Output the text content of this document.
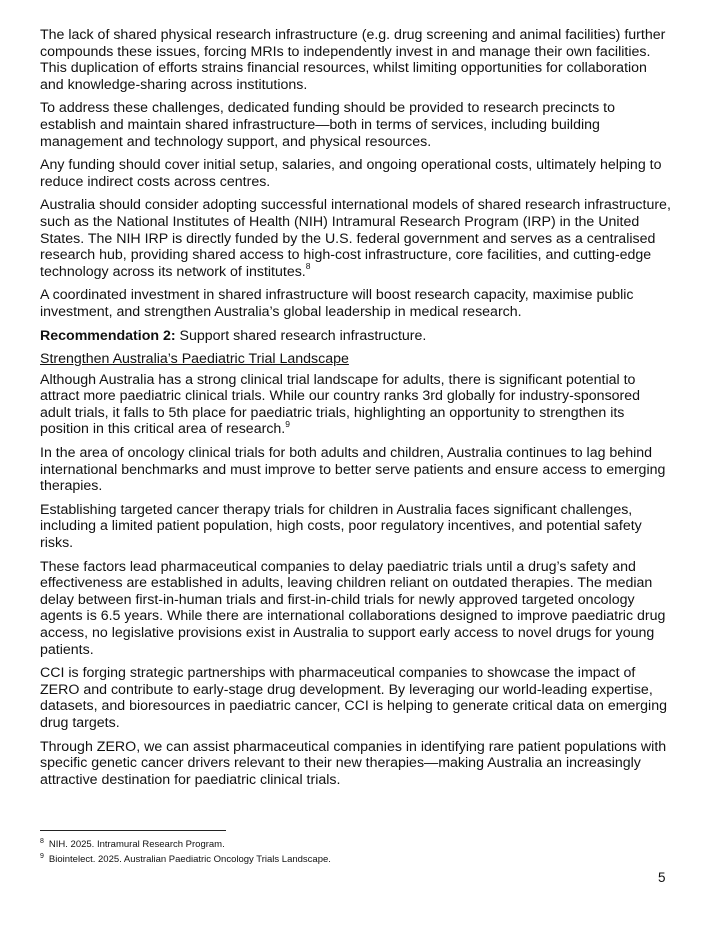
The lack of shared physical research infrastructure (e.g. drug screening and animal facilities) further compounds these issues, forcing MRIs to independently invest in and manage their own facilities. This duplication of efforts strains financial resources, whilst limiting opportunities for collaboration and knowledge-sharing across institutions.

To address these challenges, dedicated funding should be provided to research precincts to establish and maintain shared infrastructure—both in terms of services, including building management and technology support, and physical resources.

Any funding should cover initial setup, salaries, and ongoing operational costs, ultimately helping to reduce indirect costs across centres.

Australia should consider adopting successful international models of shared research infrastructure, such as the National Institutes of Health (NIH) Intramural Research Program (IRP) in the United States. The NIH IRP is directly funded by the U.S. federal government and serves as a centralised research hub, providing shared access to high-cost infrastructure, core facilities, and cutting-edge technology across its network of institutes.$^8$

A coordinated investment in shared infrastructure will boost research capacity, maximise public investment, and strengthen Australia’s global leadership in medical research.

Recommendation 2: Support shared research infrastructure.

Strengthen Australia’s Paediatric Trial Landscape

Although Australia has a strong clinical trial landscape for adults, there is significant potential to attract more paediatric clinical trials. While our country ranks 3rd globally for industry-sponsored adult trials, it falls to 5th place for paediatric trials, highlighting an opportunity to strengthen its position in this critical area of research.$^9$

In the area of oncology clinical trials for both adults and children, Australia continues to lag behind international benchmarks and must improve to better serve patients and ensure access to emerging therapies.

Establishing targeted cancer therapy trials for children in Australia faces significant challenges, including a limited patient population, high costs, poor regulatory incentives, and potential safety risks.

These factors lead pharmaceutical companies to delay paediatric trials until a drug’s safety and effectiveness are established in adults, leaving children reliant on outdated therapies. The median delay between first-in-human trials and first-in-child trials for newly approved targeted oncology agents is 6.5 years. While there are international collaborations designed to improve paediatric drug access, no legislative provisions exist in Australia to support early access to novel drugs for young patients.

CCI is forging strategic partnerships with pharmaceutical companies to showcase the impact of ZERO and contribute to early-stage drug development. By leveraging our world-leading expertise, datasets, and bioresources in paediatric cancer, CCI is helping to generate critical data on emerging drug targets.

Through ZERO, we can assist pharmaceutical companies in identifying rare patient populations with specific genetic cancer drivers relevant to their new therapies—making Australia an increasingly attractive destination for paediatric clinical trials.

$^8$ NIH. 2025. Intramural Research Program.
$^9$ Biointelect. 2025. Australian Paediatric Oncology Trials Landscape.
5
